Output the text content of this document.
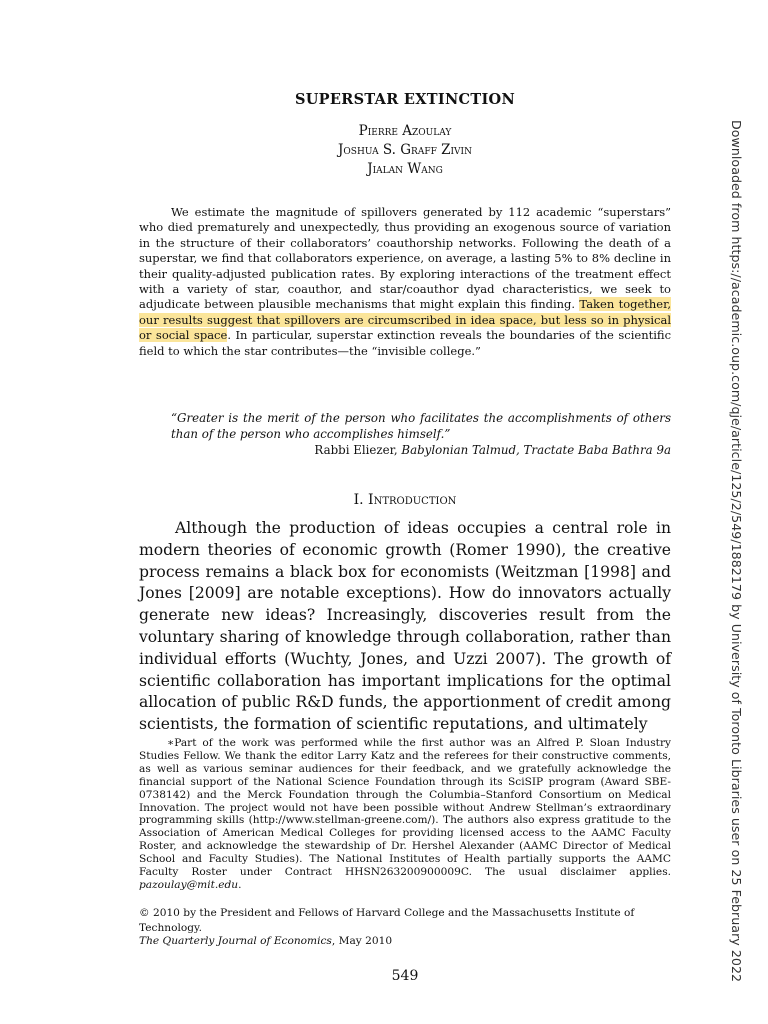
SUPERSTAR EXTINCTION
Pierre Azoulay
Joshua S. Graff Zivin
Jialan Wang

We estimate the magnitude of spillovers generated by 112 academic “superstars” who died prematurely and unexpectedly, thus providing an exogenous source of variation in the structure of their collaborators’ coauthorship networks. Following the death of a superstar, we find that collaborators experience, on average, a lasting 5% to 8% decline in their quality-adjusted publication rates. By exploring interactions of the treatment effect with a variety of star, coauthor, and star/coauthor dyad characteristics, we seek to adjudicate between plausible mechanisms that might explain this finding. Taken together, our results suggest that spillovers are circumscribed in idea space, but less so in physical or social space. In particular, superstar extinction reveals the boundaries of the scientific field to which the star contributes—the “invisible college.”

“Greater is the merit of the person who facilitates the accomplishments of others than of the person who accomplishes himself.”

Rabbi Eliezer, Babylonian Talmud, Tractate Baba Bathra 9a

I. Introduction

Although the production of ideas occupies a central role in modern theories of economic growth (Romer 1990), the creative process remains a black box for economists (Weitzman [1998] and Jones [2009] are notable exceptions). How do innovators actually generate new ideas? Increasingly, discoveries result from the voluntary sharing of knowledge through collaboration, rather than individual efforts (Wuchty, Jones, and Uzzi 2007). The growth of scientific collaboration has important implications for the optimal allocation of public R&D funds, the apportionment of credit among scientists, the formation of scientific reputations, and ultimately

∗Part of the work was performed while the first author was an Alfred P. Sloan Industry Studies Fellow. We thank the editor Larry Katz and the referees for their constructive comments, as well as various seminar audiences for their feedback, and we gratefully acknowledge the financial support of the National Science Foundation through its SciSIP program (Award SBE-0738142) and the Merck Foundation through the Columbia–Stanford Consortium on Medical Innovation. The project would not have been possible without Andrew Stellman’s extraordinary programming skills (http://www.stellman-greene.com/). The authors also express gratitude to the Association of American Medical Colleges for providing licensed access to the AAMC Faculty Roster, and acknowledge the stewardship of Dr. Hershel Alexander (AAMC Director of Medical School and Faculty Studies). The National Institutes of Health partially supports the AAMC Faculty Roster under Contract HHSN263200900009C. The usual disclaimer applies. pazoulay@mit.edu.

© 2010 by the President and Fellows of Harvard College and the Massachusetts Institute of Technology.

The Quarterly Journal of Economics, May 2010

549	Downloaded from https://academic.oup.com/qje/article/125/2/549/1882179 by University of Toronto Libraries user on 25 February 2022
